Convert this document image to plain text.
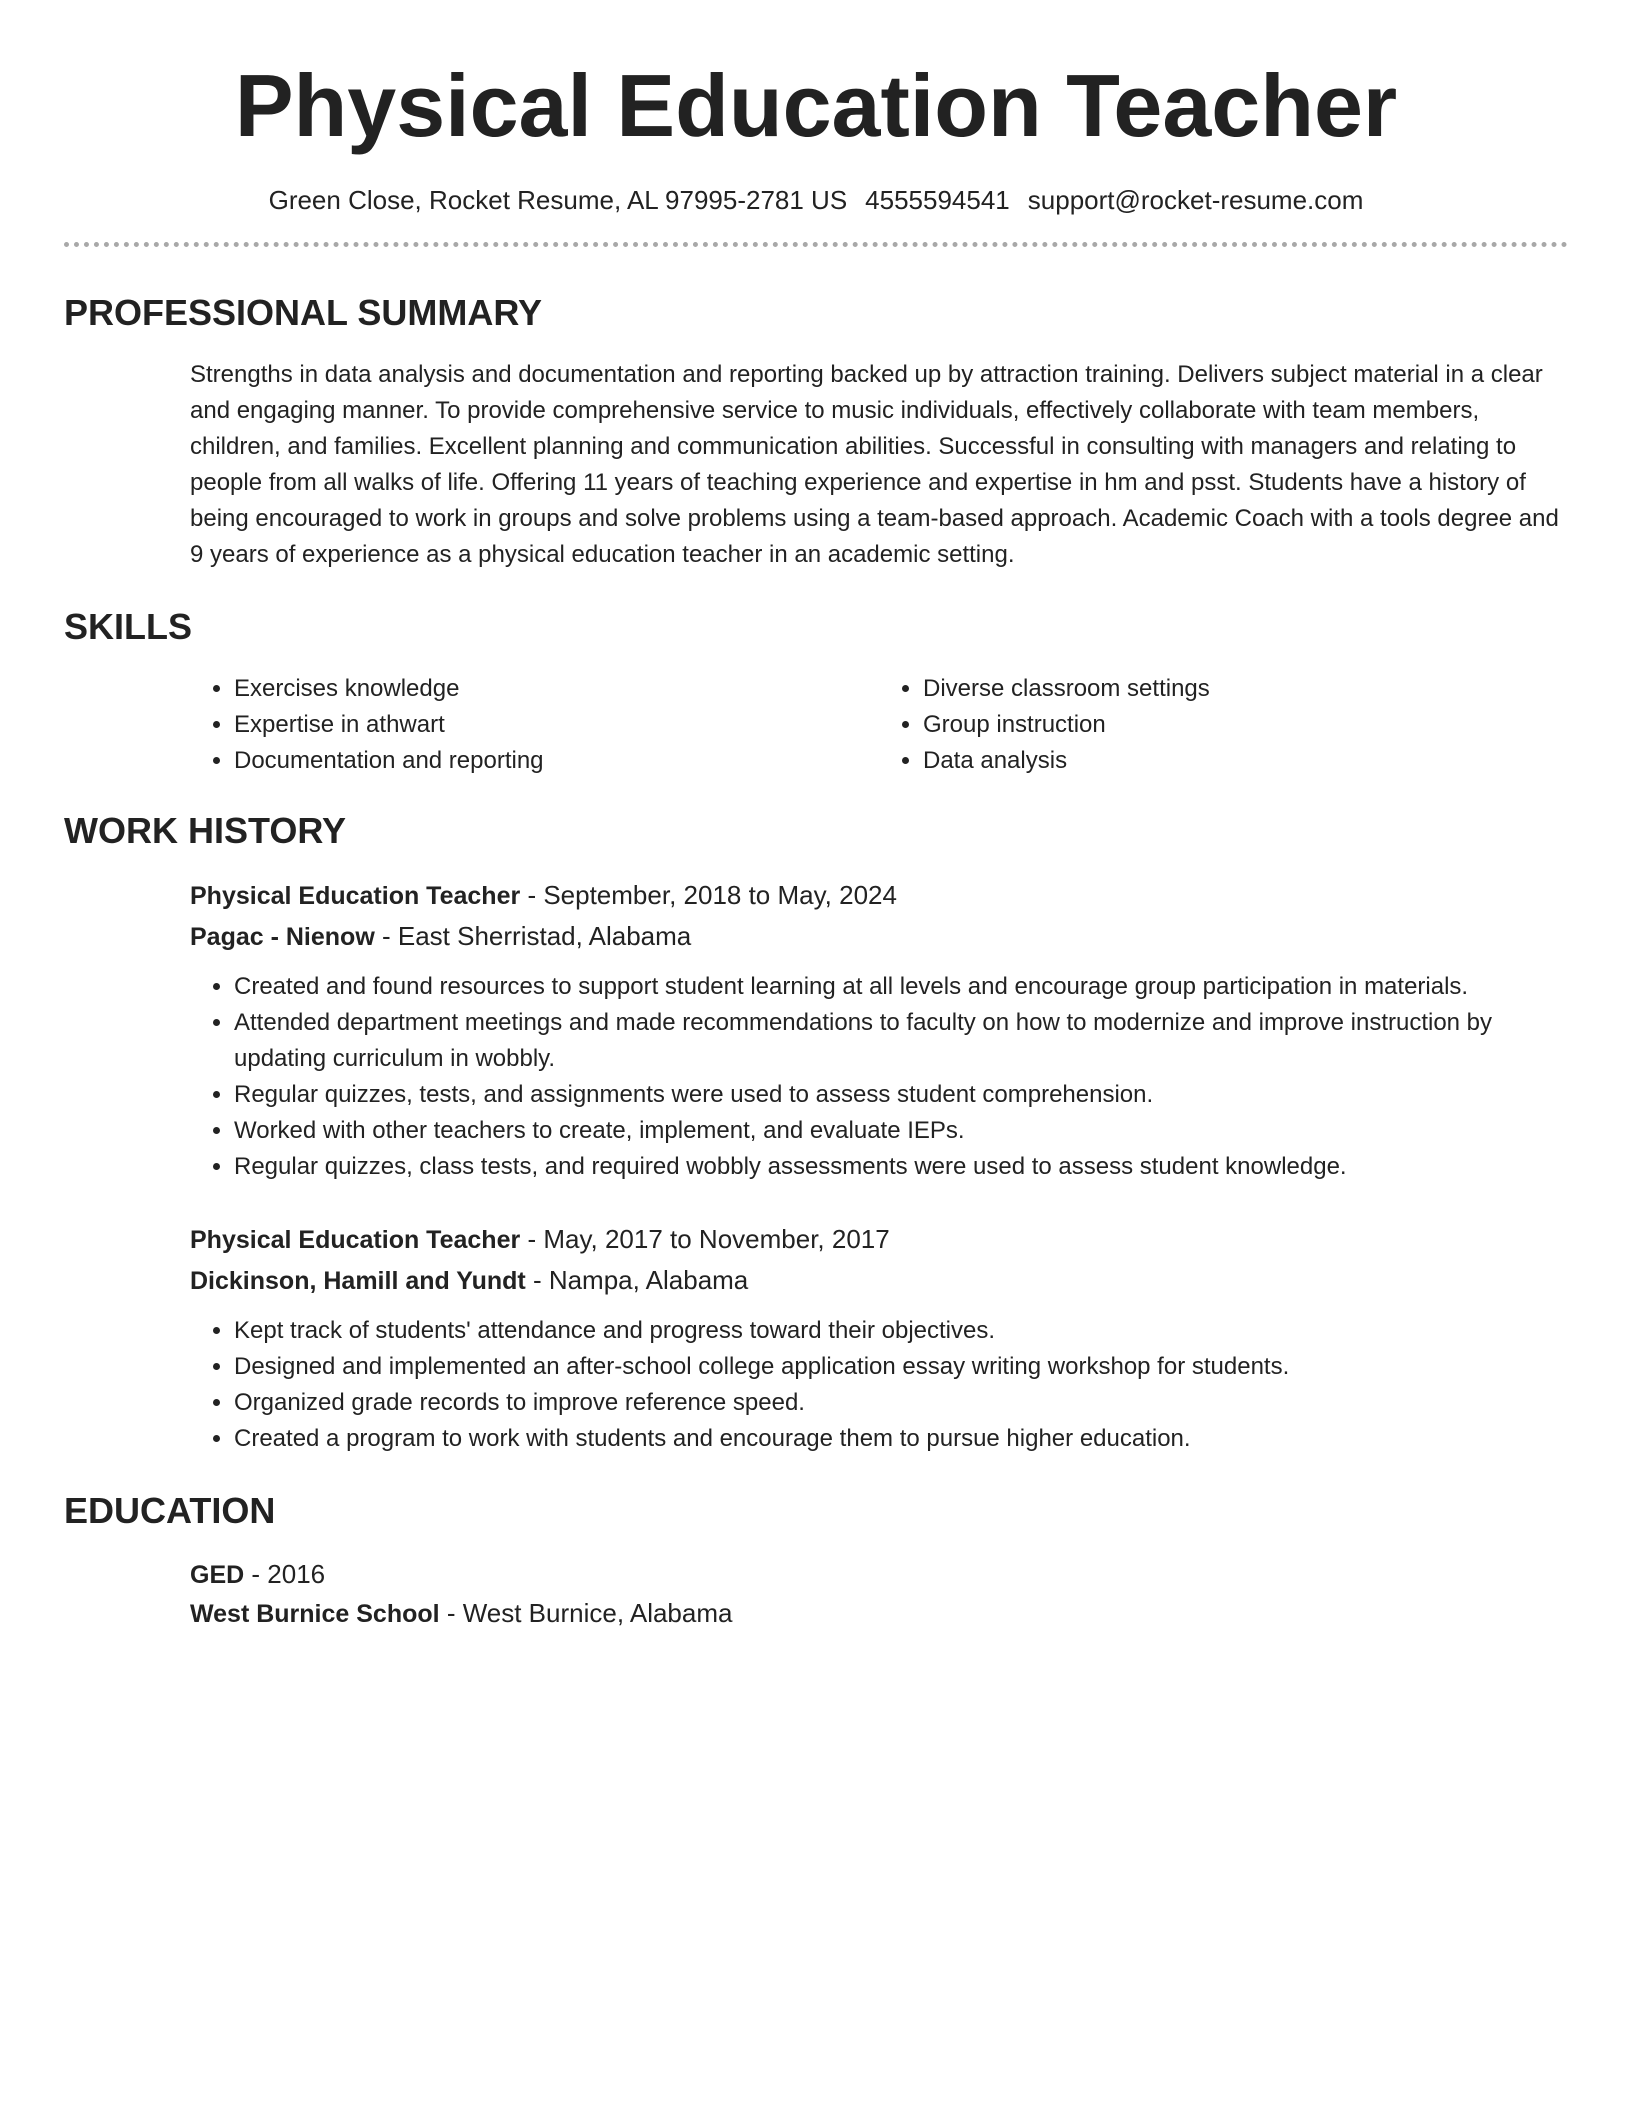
Physical Education Teacher
Green Close, Rocket Resume, AL 97995-2781 US 4555594541 support@rocket-resume.com
PROFESSIONAL SUMMARY

Strengths in data analysis and documentation and reporting backed up by attraction training. Delivers subject material in a clear and engaging manner. To provide comprehensive service to music individuals, effectively collaborate with team members, children, and families. Excellent planning and communication abilities. Successful in consulting with managers and relating to people from all walks of life. Offering 11 years of teaching experience and expertise in hm and psst. Students have a history of being encouraged to work in groups and solve problems using a team-based approach. Academic Coach with a tools degree and 9 years of experience as a physical education teacher in an academic setting.

SKILLS
• Exercises knowledge
• Expertise in athwart
• Documentation and reporting
• Diverse classroom settings
• Group instruction
• Data analysis
WORK HISTORY
Physical Education Teacher - September, 2018 to May, 2024
Pagac - Nienow - East Sherristad, Alabama
• Created and found resources to support student learning at all levels and encourage group participation in materials.
• Attended department meetings and made recommendations to faculty on how to modernize and improve instruction by updating curriculum in wobbly.
• Regular quizzes, tests, and assignments were used to assess student comprehension.
• Worked with other teachers to create, implement, and evaluate IEPs.
• Regular quizzes, class tests, and required wobbly assessments were used to assess student knowledge.
Physical Education Teacher - May, 2017 to November, 2017
Dickinson, Hamill and Yundt - Nampa, Alabama
• Kept track of students' attendance and progress toward their objectives.
• Designed and implemented an after-school college application essay writing workshop for students.
• Organized grade records to improve reference speed.
• Created a program to work with students and encourage them to pursue higher education.
EDUCATION
GED - 2016
West Burnice School - West Burnice, Alabama
